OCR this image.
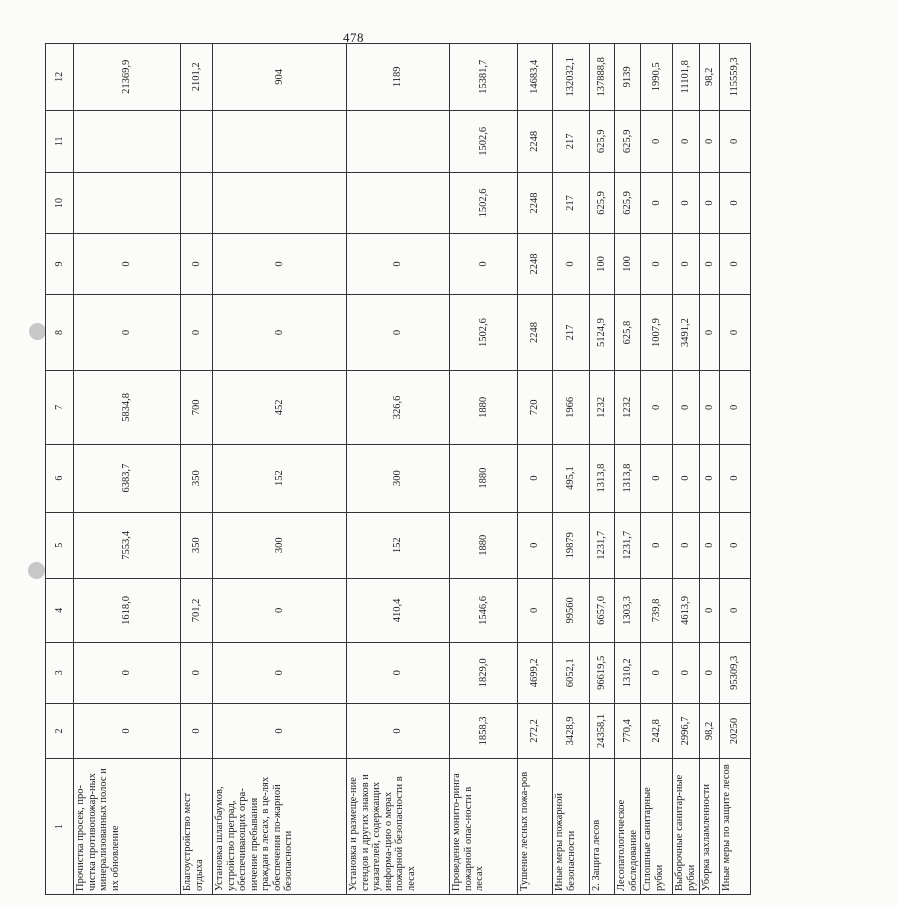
478
1	2	3	4	5	6	7	8	9	10	11	12
Прочистка просек, про-чистка противопожар-ных минерализованных полос и их обновление	0	0	1618,0	7553,4	6383,7	5834,8	0	0			21369,9
Благоустройство мест отдыха	0	0	701,2	350	350	700	0	0			2101,2
Установка шлагбаумов, устройство преград, обеспечивающих огра-ничение пребывания граждан в лесах, в це-лях обеспечения по-жарной безопасности	0	0	0	300	152	452	0	0			904
Установка и размеще-ние стендов и других знаков и указателей, содержащих информа-цию о мерах пожарной безопасности в лесах	0	0	410,4	152	300	326,6	0	0			1189
Проведение монито-ринга пожарной опас-ности в лесах	1858,3	1829,0	1546,6	1880	1880	1880	1502,6	0	1502,6	1502,6	15381,7
Тушение лесных пожа-ров	272,2	4699,2	0	0	0	720	2248	2248	2248	2248	14683,4
Иные меры пожарной безопасности	3428,9	6052,1	99560	19879	495,1	1966	217	0	217	217	132032,1
2. Защита лесов	24358,1	96619,5	6657,0	1231,7	1313,8	1232	5124,9	100	625,9	625,9	137888,8
Лесопатологическое обследование	770,4	1310,2	1303,3	1231,7	1313,8	1232	625,8	100	625,9	625,9	9139
Сплошные санитарные рубки	242,8	0	739,8	0	0	0	1007,9	0	0	0	1990,5
Выборочные санитар-ные рубки	2996,7	0	4613,9	0	0	0	3491,2	0	0	0	11101,8
Уборка захламленности	98,2	0	0	0	0	0	0	0	0	0	98,2
Иные меры по защите лесов	20250	95309,3	0	0	0	0	0	0	0	0	115559,3
